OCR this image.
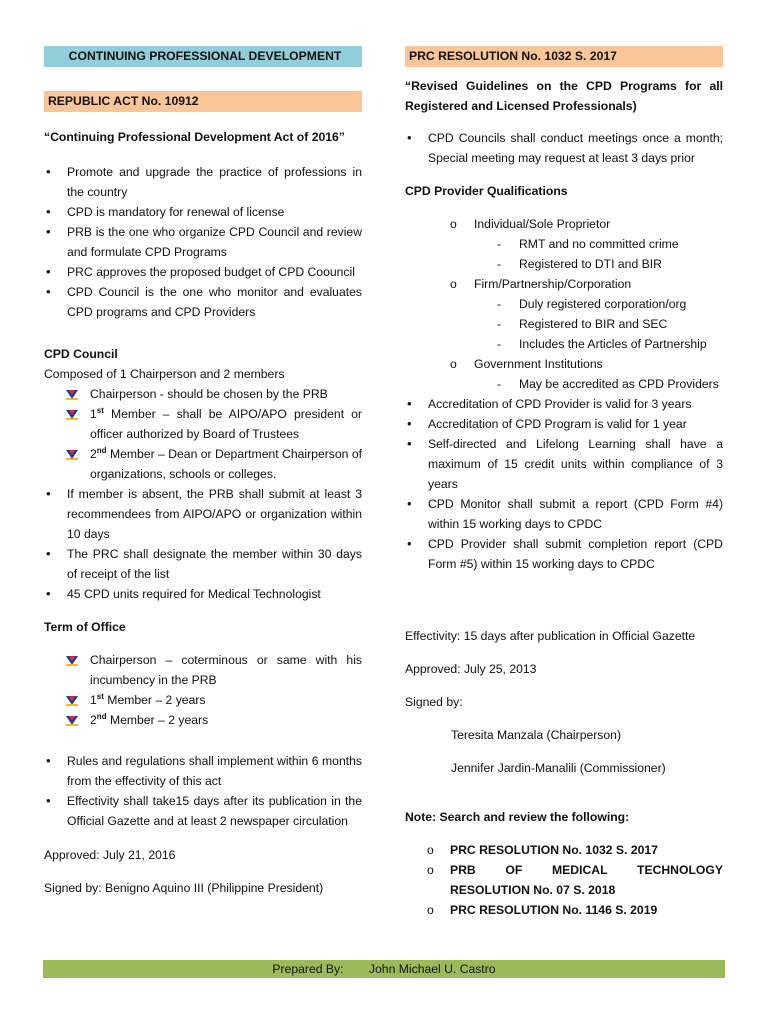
CONTINUING PROFESSIONAL DEVELOPMENT
REPUBLIC ACT No. 10912

“Continuing Professional Development Act of 2016”

• Promote and upgrade the practice of professions in the country
• CPD is mandatory for renewal of license
• PRB is the one who organize CPD Council and review and formulate CPD Programs
• PRC approves the proposed budget of CPD Coouncil
• CPD Council is the one who monitor and evaluates CPD programs and CPD Providers

CPD Council

Composed of 1 Chairperson and 2 members

Chairperson - should be chosen by the PRB
1st Member – shall be AIPO/APO president or officer authorized by Board of Trustees
2nd Member – Dean or Department Chairperson of organizations, schools or colleges.
• If member is absent, the PRB shall submit at least 3 recommendees from AIPO/APO or organization within 10 days
• The PRC shall designate the member within 30 days of receipt of the list
• 45 CPD units required for Medical Technologist

Term of Office

Chairperson – coterminous or same with his incumbency in the PRB
1st Member – 2 years
2nd Member – 2 years
• Rules and regulations shall implement within 6 months from the effectivity of this act
• Effectivity shall take15 days after its publication in the Official Gazette and at least 2 newspaper circulation

Approved: July 21, 2016

Signed by: Benigno Aquino III (Philippine President)

PRC RESOLUTION No. 1032 S. 2017

“Revised Guidelines on the CPD Programs for all Registered and Licensed Professionals)

• CPD Councils shall conduct meetings once a month; Special meeting may request at least 3 days prior

CPD Provider Qualifications

o Individual/Sole Proprietor
- RMT and no committed crime
- Registered to DTI and BIR
o Firm/Partnership/Corporation
- Duly registered corporation/org
- Registered to BIR and SEC
- Includes the Articles of Partnership
o Government Institutions
- May be accredited as CPD Providers
• Accreditation of CPD Provider is valid for 3 years
• Accreditation of CPD Program is valid for 1 year
• Self-directed and Lifelong Learning shall have a maximum of 15 credit units within compliance of 3 years
• CPD Monitor shall submit a report (CPD Form #4) within 15 working days to CPDC
• CPD Provider shall submit completion report (CPD Form #5) within 15 working days to CPDC

Effectivity: 15 days after publication in Official Gazette

Approved: July 25, 2013

Signed by:

Teresita Manzala (Chairperson)

Jennifer Jardin-Manalili (Commissioner)

Note: Search and review the following:

o PRC RESOLUTION No. 1032 S. 2017
o PRB OF MEDICAL TECHNOLOGY RESOLUTION No. 07 S. 2018
o PRC RESOLUTION No. 1146 S. 2019
Prepared By: John Michael U. Castro
